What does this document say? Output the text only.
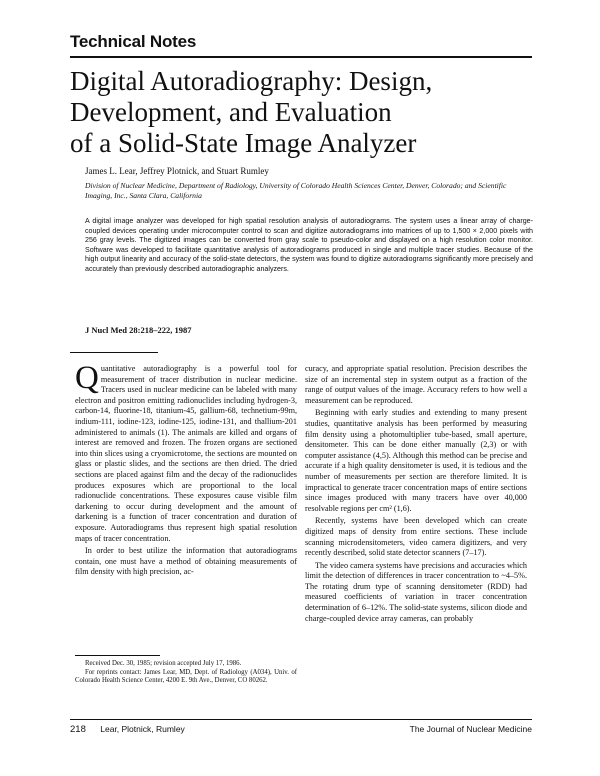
Technical Notes
Digital Autoradiography: Design,
Development, and Evaluation
of a Solid-State Image Analyzer
James L. Lear, Jeffrey Plotnick, and Stuart Rumley
Division of Nuclear Medicine, Department of Radiology, University of Colorado Health Sciences Center, Denver, Colorado; and Scientific Imaging, Inc., Santa Clara, California
A digital image analyzer was developed for high spatial resolution analysis of autoradiograms. The system uses a linear array of charge-coupled devices operating under microcomputer control to scan and digitize autoradiograms into matrices of up to 1,500 × 2,000 pixels with 256 gray levels. The digitized images can be converted from gray scale to pseudo-color and displayed on a high resolution color monitor. Software was developed to facilitate quantitative analysis of autoradiograms produced in single and multiple tracer studies. Because of the high output linearity and accuracy of the solid-state detectors, the system was found to digitize autoradiograms significantly more precisely and accurately than previously described autoradiographic analyzers.
J Nucl Med 28:218–222, 1987

Quantitative autoradiography is a powerful tool for measurement of tracer distribution in nuclear medicine. Tracers used in nuclear medicine can be labeled with many electron and positron emitting radionuclides including hydrogen-3, carbon-14, fluorine-18, titanium-45, gallium-68, technetium-99m, indium-111, iodine-123, iodine-125, iodine-131, and thallium-201 administered to animals (1). The animals are killed and organs of interest are removed and frozen. The frozen organs are sectioned into thin slices using a cryomicrotome, the sections are mounted on glass or plastic slides, and the sections are then dried. The dried sections are placed against film and the decay of the radionuclides produces exposures which are proportional to the local radionuclide concentrations. These exposures cause visible film darkening to occur during development and the amount of darkening is a function of tracer concentration and duration of exposure. Autoradiograms thus represent high spatial resolution maps of tracer concentration.

In order to best utilize the information that autoradiograms contain, one must have a method of obtaining measurements of film density with high precision, ac-

curacy, and appropriate spatial resolution. Precision describes the size of an incremental step in system output as a fraction of the range of output values of the image. Accuracy refers to how well a measurement can be reproduced.

Beginning with early studies and extending to many present studies, quantitative analysis has been performed by measuring film density using a photomultiplier tube-based, small aperture, densitometer. This can be done either manually (2,3) or with computer assistance (4,5). Although this method can be precise and accurate if a high quality densitometer is used, it is tedious and the number of measurements per section are therefore limited. It is impractical to generate tracer concentration maps of entire sections since images produced with many tracers have over 40,000 resolvable regions per cm² (1,6).

Recently, systems have been developed which can create digitized maps of density from entire sections. These include scanning microdensitometers, video camera digitizers, and very recently described, solid state detector scanners (7–17).

The video camera systems have precisions and accuracies which limit the detection of differences in tracer concentration to ~4–5%. The rotating drum type of scanning densitometer (RDD) had measured coefficients of variation in tracer concentration determination of 6–12%. The solid-state systems, silicon diode and charge-coupled device array cameras, can probably

Received Dec. 30, 1985; revision accepted July 17, 1986.

For reprints contact: James Lear, MD, Dept. of Radiology (A034), Univ. of Colorado Health Science Center, 4200 E. 9th Ave., Denver, CO 80262.

218 Lear, Plotnick, Rumley	The Journal of Nuclear Medicine
